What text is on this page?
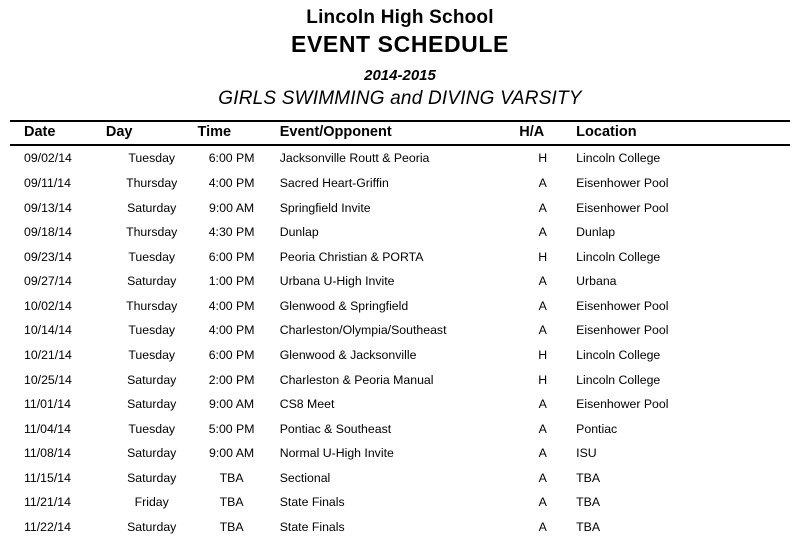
Lincoln High School
EVENT SCHEDULE
2014-2015
GIRLS SWIMMING and DIVING VARSITY
Date	Day	Time	Event/Opponent	H/A	Location
09/02/14	Tuesday	6:00 PM	Jacksonville Routt & Peoria	H	Lincoln College
09/11/14	Thursday	4:00 PM	Sacred Heart-Griffin	A	Eisenhower Pool
09/13/14	Saturday	9:00 AM	Springfield Invite	A	Eisenhower Pool
09/18/14	Thursday	4:30 PM	Dunlap	A	Dunlap
09/23/14	Tuesday	6:00 PM	Peoria Christian & PORTA	H	Lincoln College
09/27/14	Saturday	1:00 PM	Urbana U-High Invite	A	Urbana
10/02/14	Thursday	4:00 PM	Glenwood & Springfield	A	Eisenhower Pool
10/14/14	Tuesday	4:00 PM	Charleston/Olympia/Southeast	A	Eisenhower Pool
10/21/14	Tuesday	6:00 PM	Glenwood & Jacksonville	H	Lincoln College
10/25/14	Saturday	2:00 PM	Charleston & Peoria Manual	H	Lincoln College
11/01/14	Saturday	9:00 AM	CS8 Meet	A	Eisenhower Pool
11/04/14	Tuesday	5:00 PM	Pontiac & Southeast	A	Pontiac
11/08/14	Saturday	9:00 AM	Normal U-High Invite	A	ISU
11/15/14	Saturday	TBA	Sectional	A	TBA
11/21/14	Friday	TBA	State Finals	A	TBA
11/22/14	Saturday	TBA	State Finals	A	TBA
